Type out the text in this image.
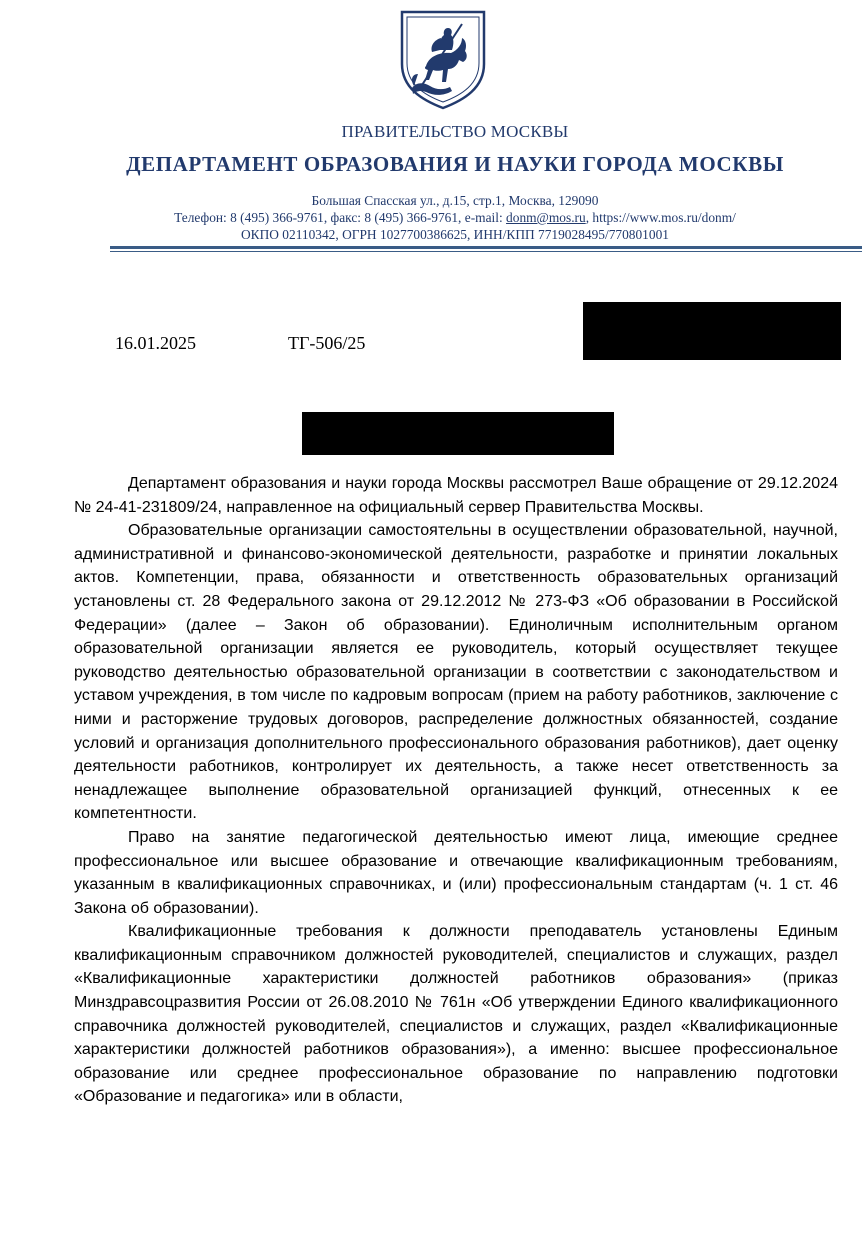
ПРАВИТЕЛЬСТВО МОСКВЫ
ДЕПАРТАМЕНТ ОБРАЗОВАНИЯ И НАУКИ ГОРОДА МОСКВЫ
Большая Спасская ул., д.15, стр.1, Москва, 129090
Телефон: 8 (495) 366-9761, факс: 8 (495) 366-9761, e-mail: donm@mos.ru, https://www.mos.ru/donm/
ОКПО 02110342, ОГРН 1027700386625, ИНН/КПП 7719028495/770801001
16.01.2025	ТГ-506/25

Департамент образования и науки города Москвы рассмотрел Ваше обращение от 29.12.2024 № 24-41-231809/24, направленное на официальный сервер Правительства Москвы.

Образовательные организации самостоятельны в осуществлении образовательной, научной, административной и финансово-экономической деятельности, разработке и принятии локальных актов. Компетенции, права, обязанности и ответственность образовательных организаций установлены ст. 28 Федерального закона от 29.12.2012 № 273-ФЗ «Об образовании в Российской Федерации» (далее – Закон об образовании). Единоличным исполнительным органом образовательной организации является ее руководитель, который осуществляет текущее руководство деятельностью образовательной организации в соответствии с законодательством и уставом учреждения, в том числе по кадровым вопросам (прием на работу работников, заключение с ними и расторжение трудовых договоров, распределение должностных обязанностей, создание условий и организация дополнительного профессионального образования работников), дает оценку деятельности работников, контролирует их деятельность, а также несет ответственность за ненадлежащее выполнение образовательной организацией функций, отнесенных к ее компетентности.

Право на занятие педагогической деятельностью имеют лица, имеющие среднее профессиональное или высшее образование и отвечающие квалификационным требованиям, указанным в квалификационных справочниках, и (или) профессиональным стандартам (ч. 1 ст. 46 Закона об образовании).

Квалификационные требования к должности преподаватель установлены Единым квалификационным справочником должностей руководителей, специалистов и служащих, раздел «Квалификационные характеристики должностей работников образования» (приказ Минздравсоцразвития России от 26.08.2010 № 761н «Об утверждении Единого квалификационного справочника должностей руководителей, специалистов и служащих, раздел «Квалификационные характеристики должностей работников образования»), а именно: высшее профессиональное образование или среднее профессиональное образование по направлению подготовки «Образование и педагогика» или в области,
